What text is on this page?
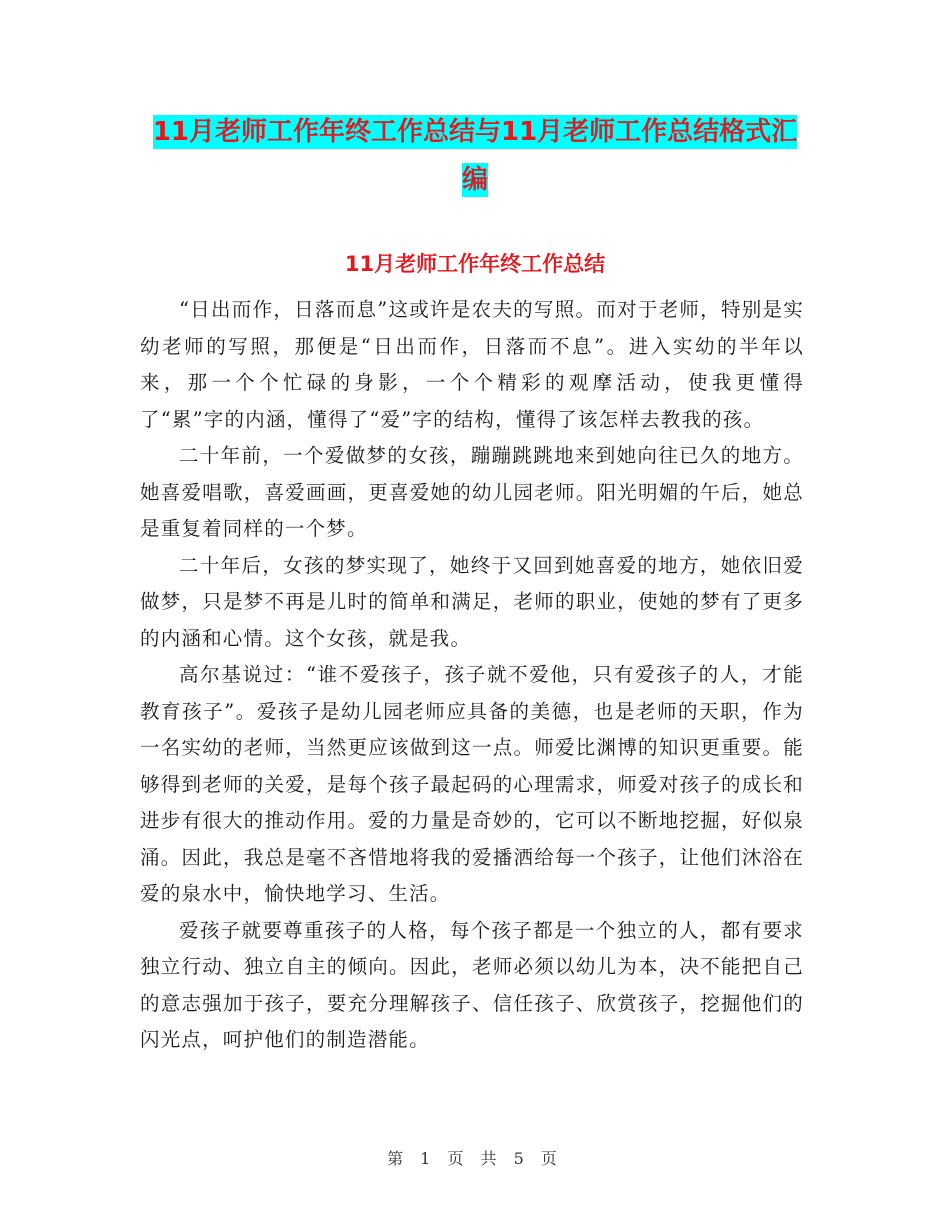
11月老师工作年终工作总结与11月老师工作总结格式汇编
11月老师工作年终工作总结

“日出而作，日落而息”这或许是农夫的写照。而对于老师，特别是实幼老师的写照，那便是“日出而作，日落而不息”。进入实幼的半年以来，那一个个忙碌的身影，一个个精彩的观摩活动，使我更懂得了“累”字的内涵，懂得了“爱”字的结构，懂得了该怎样去教我的孩。

二十年前，一个爱做梦的女孩，蹦蹦跳跳地来到她向往已久的地方。她喜爱唱歌，喜爱画画，更喜爱她的幼儿园老师。阳光明媚的午后，她总是重复着同样的一个梦。

二十年后，女孩的梦实现了，她终于又回到她喜爱的地方，她依旧爱做梦，只是梦不再是儿时的简单和满足，老师的职业，使她的梦有了更多的内涵和心情。这个女孩，就是我。

高尔基说过：“谁不爱孩子，孩子就不爱他，只有爱孩子的人，才能教育孩子”。爱孩子是幼儿园老师应具备的美德，也是老师的天职，作为一名实幼的老师，当然更应该做到这一点。师爱比渊博的知识更重要。能够得到老师的关爱，是每个孩子最起码的心理需求，师爱对孩子的成长和进步有很大的推动作用。爱的力量是奇妙的，它可以不断地挖掘，好似泉涌。因此，我总是毫不吝惜地将我的爱播洒给每一个孩子，让他们沐浴在爱的泉水中，愉快地学习、生活。

爱孩子就要尊重孩子的人格，每个孩子都是一个独立的人，都有要求独立行动、独立自主的倾向。因此，老师必须以幼儿为本，决不能把自己的意志强加于孩子，要充分理解孩子、信任孩子、欣赏孩子，挖掘他们的闪光点，呵护他们的制造潜能。

第 1 页 共 5 页
